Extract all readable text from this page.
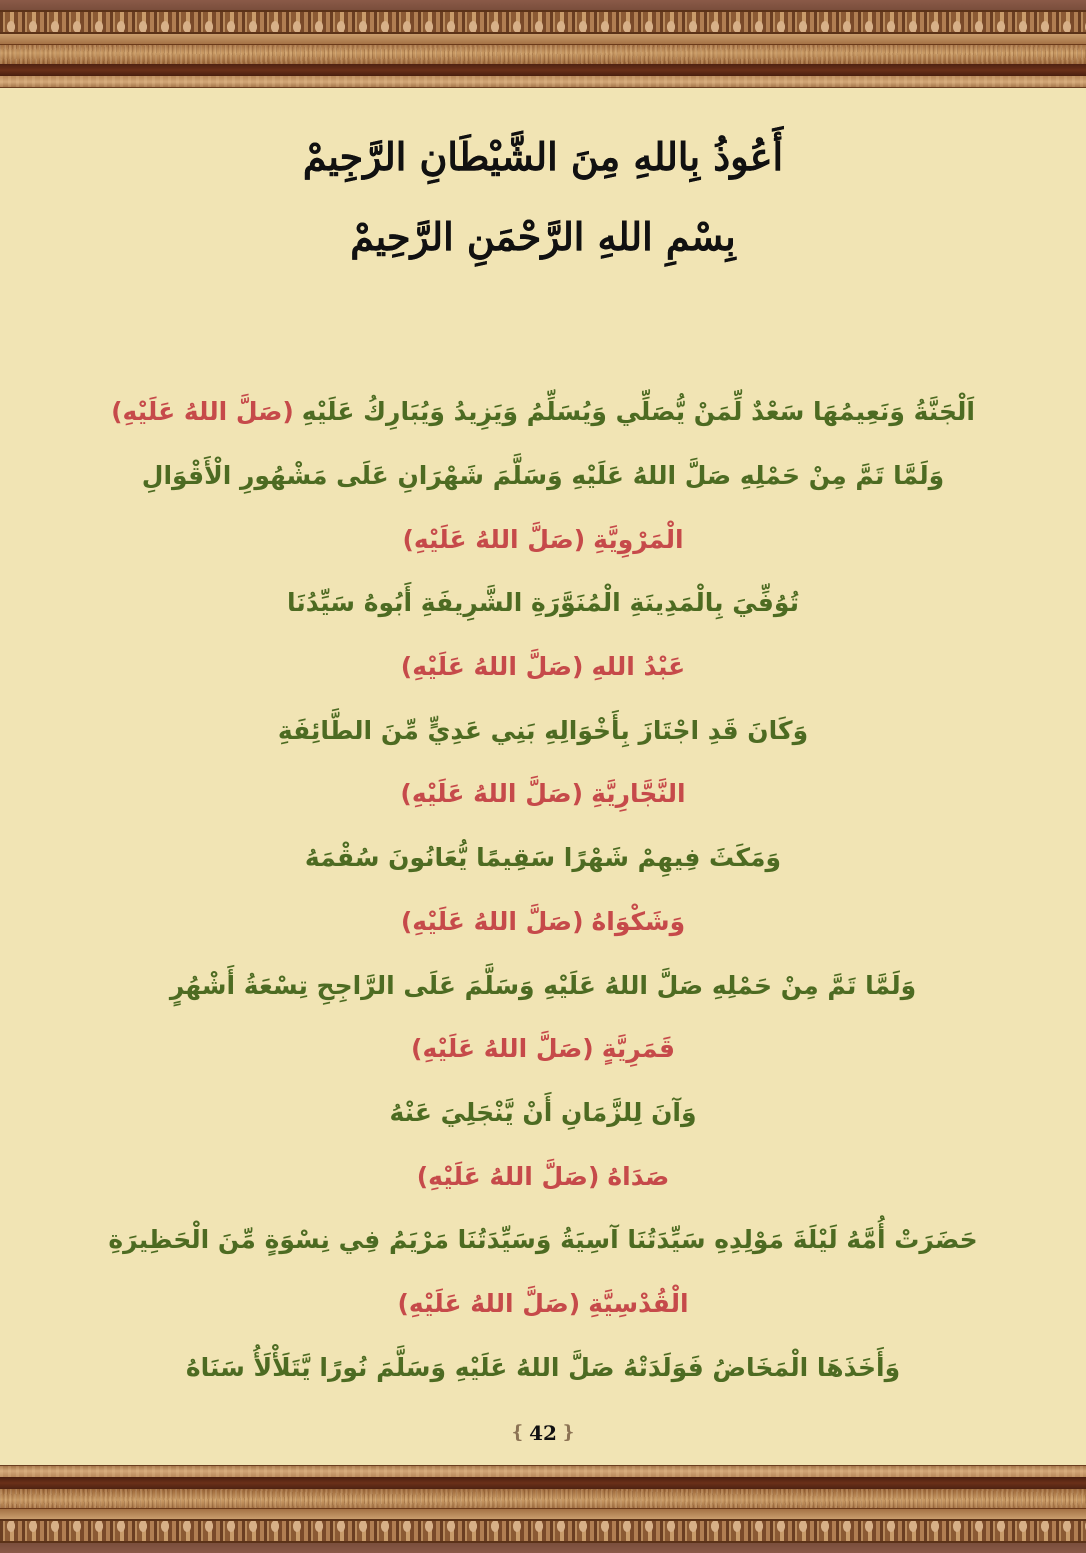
أَعُوذُ بِاللهِ مِنَ الشَّيْطَانِ الرَّجِيمْ
بِسْمِ اللهِ الرَّحْمَنِ الرَّحِيمْ
اَلْجَنَّةُ وَنَعِيمُهَا سَعْدٌ لِّمَنْ يُّصَلِّي وَيُسَلِّمُ وَيَزِيدُ وَيُبَارِكُ عَلَيْهِ
(صَلَّ اللهُ عَلَيْهِ)
وَلَمَّا تَمَّ مِنْ حَمْلِهِ صَلَّ اللهُ عَلَيْهِ وَسَلَّمَ شَهْرَانِ عَلَى مَشْهُورِ الْأَقْوَالِ
الْمَرْوِيَّةِ
(صَلَّ اللهُ عَلَيْهِ)
تُوُفِّيَ بِالْمَدِينَةِ الْمُنَوَّرَةِ الشَّرِيفَةِ أَبُوهُ سَيِّدُنَا
عَبْدُ اللهِ
(صَلَّ اللهُ عَلَيْهِ)
وَكَانَ قَدِ اجْتَازَ بِأَخْوَالِهِ بَنِي عَدِيٍّ مِّنَ الطَّائِفَةِ
النَّجَّارِيَّةِ
(صَلَّ اللهُ عَلَيْهِ)
وَمَكَثَ فِيهِمْ شَهْرًا سَقِيمًا يُّعَانُونَ سُقْمَهُ
وَشَكْوَاهُ
(صَلَّ اللهُ عَلَيْهِ)
وَلَمَّا تَمَّ مِنْ حَمْلِهِ صَلَّ اللهُ عَلَيْهِ وَسَلَّمَ عَلَى الرَّاجِحِ تِسْعَةُ أَشْهُرٍ
قَمَرِيَّةٍ
(صَلَّ اللهُ عَلَيْهِ)
وَآنَ لِلزَّمَانِ أَنْ يَّنْجَلِيَ عَنْهُ
صَدَاهُ
(صَلَّ اللهُ عَلَيْهِ)
حَضَرَتْ أُمَّهُ لَيْلَةَ مَوْلِدِهِ سَيِّدَتُنَا آسِيَةُ وَسَيِّدَتُنَا مَرْيَمُ فِي نِسْوَةٍ مِّنَ الْحَظِيرَةِ
الْقُدْسِيَّةِ
(صَلَّ اللهُ عَلَيْهِ)
وَأَخَذَهَا الْمَخَاضُ فَوَلَدَتْهُ صَلَّ اللهُ عَلَيْهِ وَسَلَّمَ نُورًا يَّتَلَأْلَأُ سَنَاهُ
❴ 42 ❵
